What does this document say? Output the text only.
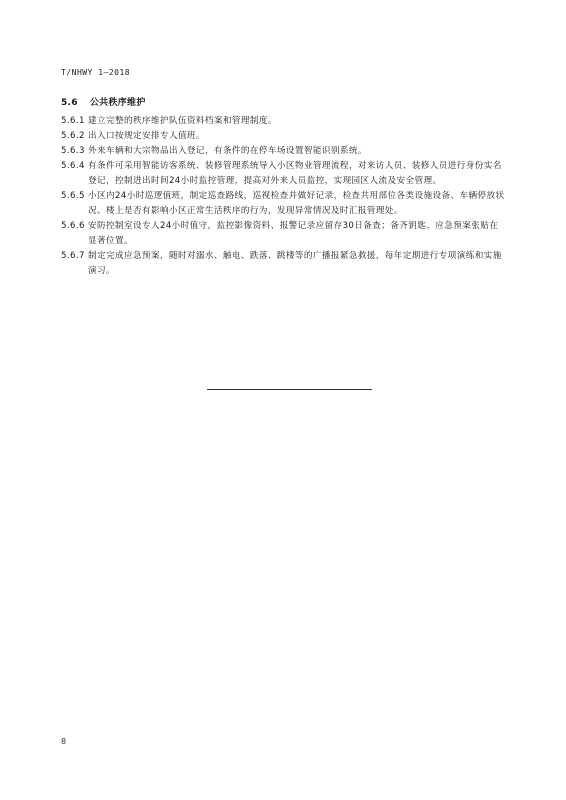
T/NHWY 1—2018
5.6 公共秩序维护
5.6.1 建立完整的秩序维护队伍资料档案和管理制度。
5.6.2 出入口按规定安排专人值班。
5.6.3 外来车辆和大宗物品出入登记，有条件的在停车场设置智能识别系统。
5.6.4 有条件可采用智能访客系统、装修管理系统导入小区物业管理流程，对来访人员、装修人员进行身份实名登记，控制进出时间24小时监控管理，提高对外来人员监控，实现园区人流及安全管理。
5.6.5 小区内24小时巡逻值班，制定巡查路线，巡视检查并做好记录，检查共用部位各类设施设备、车辆停放状况、楼上是否有影响小区正常生活秩序的行为，发现异常情况及时汇报管理处。
5.6.6 安防控制室设专人24小时值守，监控影像资料、报警记录应留存30日备查；备齐钥匙、应急预案张贴在显著位置。
5.6.7 制定完成应急预案，随时对溺水、触电、跌落、跳楼等的广播报紧急救援，每年定期进行专项演练和实施演习。
8
